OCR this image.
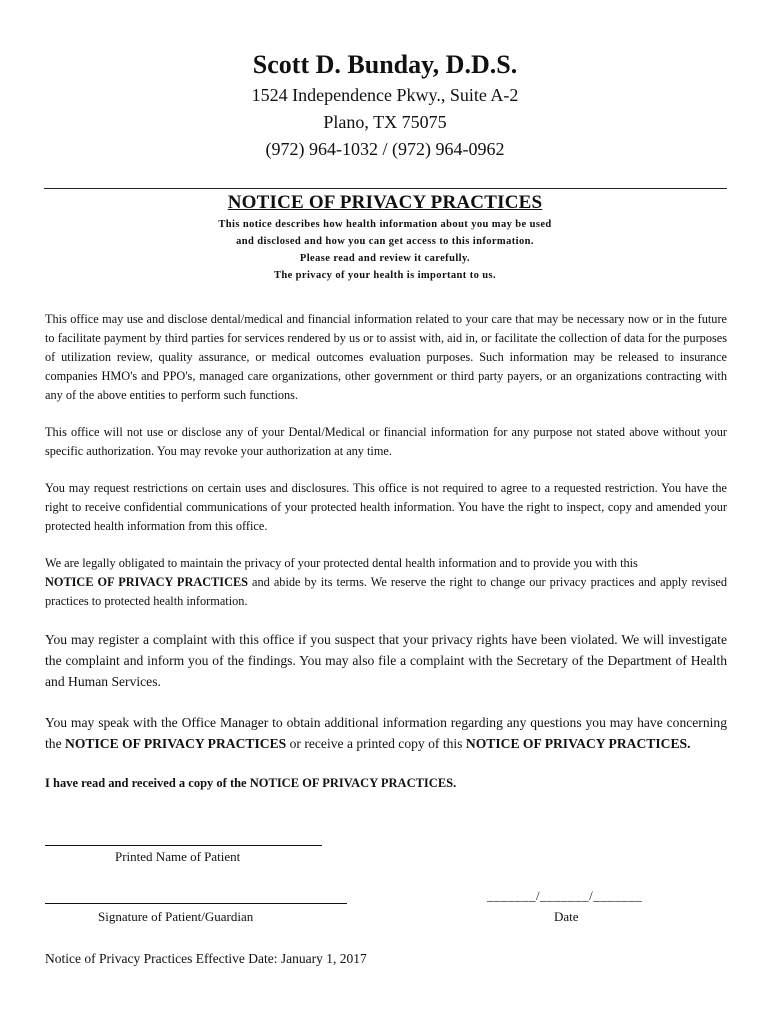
Scott D. Bunday, D.D.S.
1524 Independence Pkwy., Suite A-2
Plano, TX 75075
(972) 964-1032 / (972) 964-0962
NOTICE OF PRIVACY PRACTICES
This notice describes how health information about you may be used
and disclosed and how you can get access to this information.
Please read and review it carefully.
The privacy of your health is important to us.

This office may use and disclose dental/medical and financial information related to your care that may be necessary now or in the future to facilitate payment by third parties for services rendered by us or to assist with, aid in, or facilitate the collection of data for the purposes of utilization review, quality assurance, or medical outcomes evaluation purposes. Such information may be released to insurance companies HMO's and PPO's, managed care organizations, other government or third party payers, or an organizations contracting with any of the above entities to perform such functions.

This office will not use or disclose any of your Dental/Medical or financial information for any purpose not stated above without your specific authorization. You may revoke your authorization at any time.

You may request restrictions on certain uses and disclosures. This office is not required to agree to a requested restriction. You have the right to receive confidential communications of your protected health information. You have the right to inspect, copy and amended your protected health information from this office.

We are legally obligated to maintain the privacy of your protected dental health information and to provide you with this
NOTICE OF PRIVACY PRACTICES and abide by its terms. We reserve the right to change our privacy practices and apply revised practices to protected health information.

You may register a complaint with this office if you suspect that your privacy rights have been violated. We will investigate the complaint and inform you of the findings. You may also file a complaint with the Secretary of the Department of Health and Human Services.

You may speak with the Office Manager to obtain additional information regarding any questions you may have concerning the NOTICE OF PRIVACY PRACTICES or receive a printed copy of this NOTICE OF PRIVACY PRACTICES.

I have read and received a copy of the NOTICE OF PRIVACY PRACTICES.

Printed Name of Patient
Signature of Patient/Guardian
_______/_______/_______
Date
Notice of Privacy Practices Effective Date: January 1, 2017
